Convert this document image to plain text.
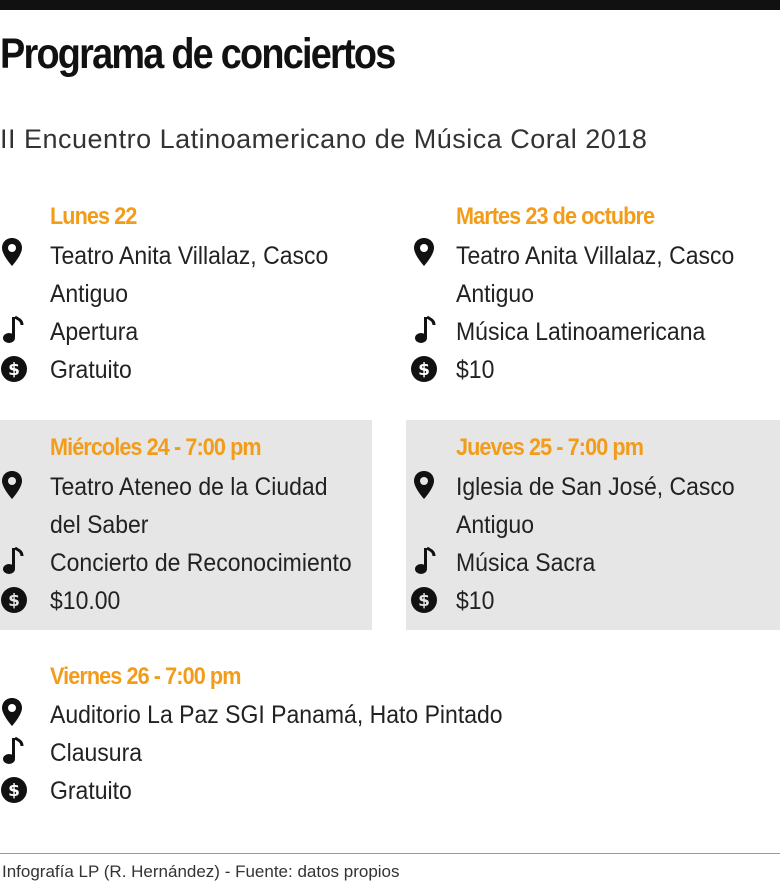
Programa de conciertos
II Encuentro Latinoamericano de Música Coral 2018
Lunes 22
Teatro Anita Villalaz, Casco
Antiguo
Apertura
$ Gratuito
Martes 23 de octubre
Teatro Anita Villalaz, Casco
Antiguo
Música Latinoamericana
$ $10
Miércoles 24 - 7:00 pm
Teatro Ateneo de la Ciudad
del Saber
Concierto de Reconocimiento
$ $10.00
Jueves 25 - 7:00 pm
Iglesia de San José, Casco
Antiguo
Música Sacra
$ $10
Viernes 26 - 7:00 pm
Auditorio La Paz SGI Panamá, Hato Pintado
Clausura
$ Gratuito
Infografía LP (R. Hernández) - Fuente: datos propios
